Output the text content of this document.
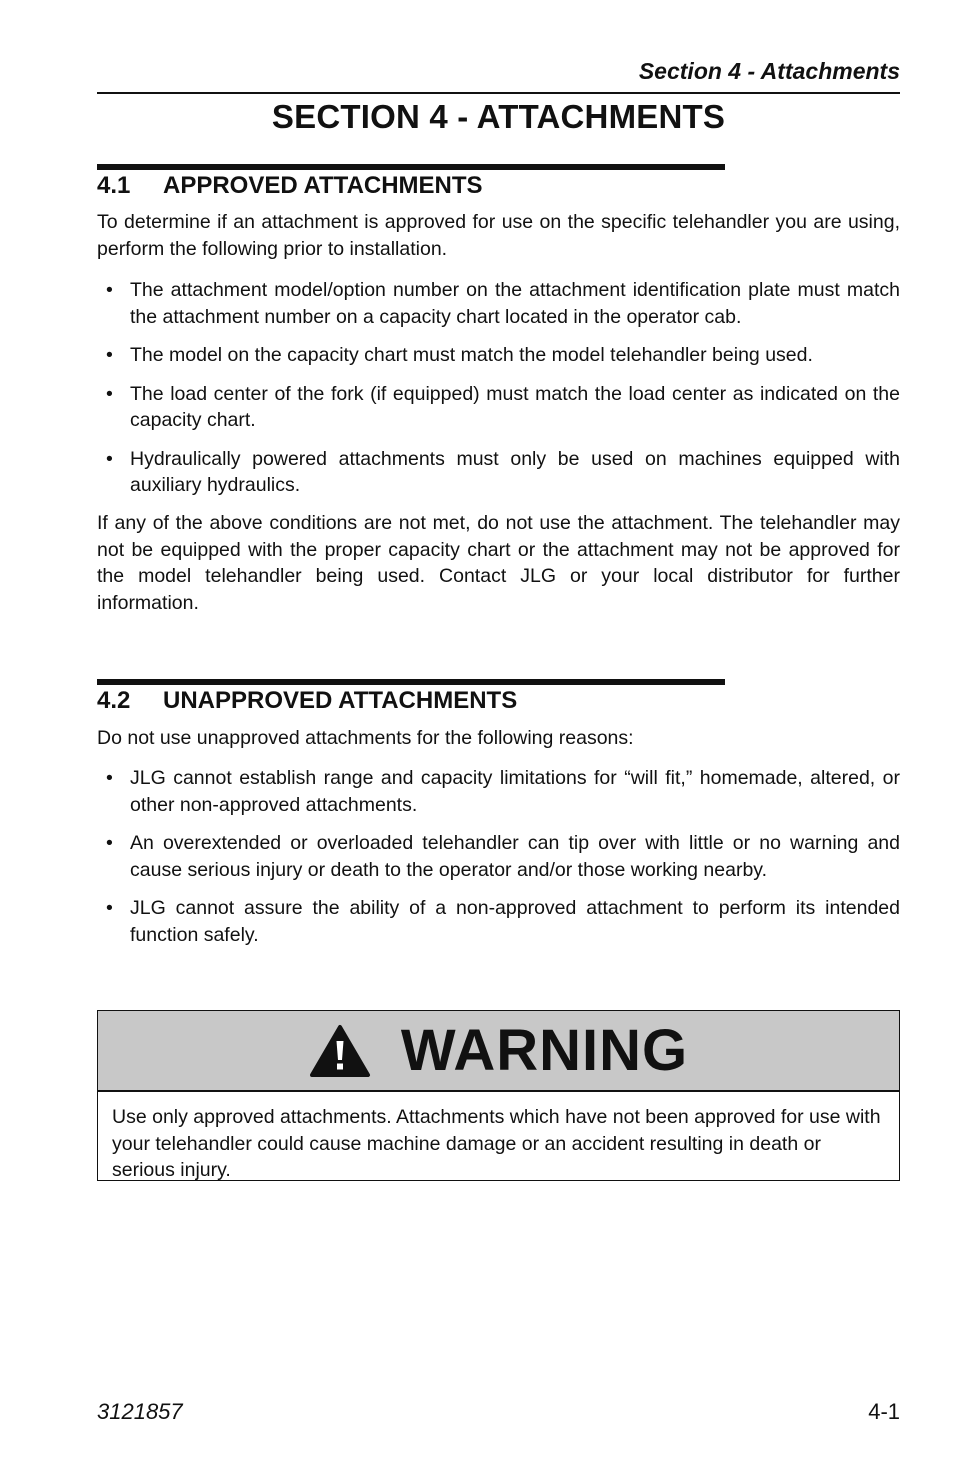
Section 4 - Attachments
SECTION 4 - ATTACHMENTS
4.1 APPROVED ATTACHMENTS

To determine if an attachment is approved for use on the specific telehandler you are using, perform the following prior to installation.

• The attachment model/option number on the attachment identification plate must match the attachment number on a capacity chart located in the operator cab.
• The model on the capacity chart must match the model telehandler being used.
• The load center of the fork (if equipped) must match the load center as indicated on the capacity chart.
• Hydraulically powered attachments must only be used on machines equipped with auxiliary hydraulics.

If any of the above conditions are not met, do not use the attachment. The telehandler may not be equipped with the proper capacity chart or the attachment may not be approved for the model telehandler being used. Contact JLG or your local distributor for further information.

4.2 UNAPPROVED ATTACHMENTS

Do not use unapproved attachments for the following reasons:

• JLG cannot establish range and capacity limitations for “will fit,” homemade, altered, or other non-approved attachments.
• An overextended or overloaded telehandler can tip over with little or no warning and cause serious injury or death to the operator and/or those working nearby.
• JLG cannot assure the ability of a non-approved attachment to perform its intended function safely.
WARNING
Use only approved attachments. Attachments which have not been approved for use with your telehandler could cause machine damage or an accident resulting in death or serious injury.
3121857	4-1
